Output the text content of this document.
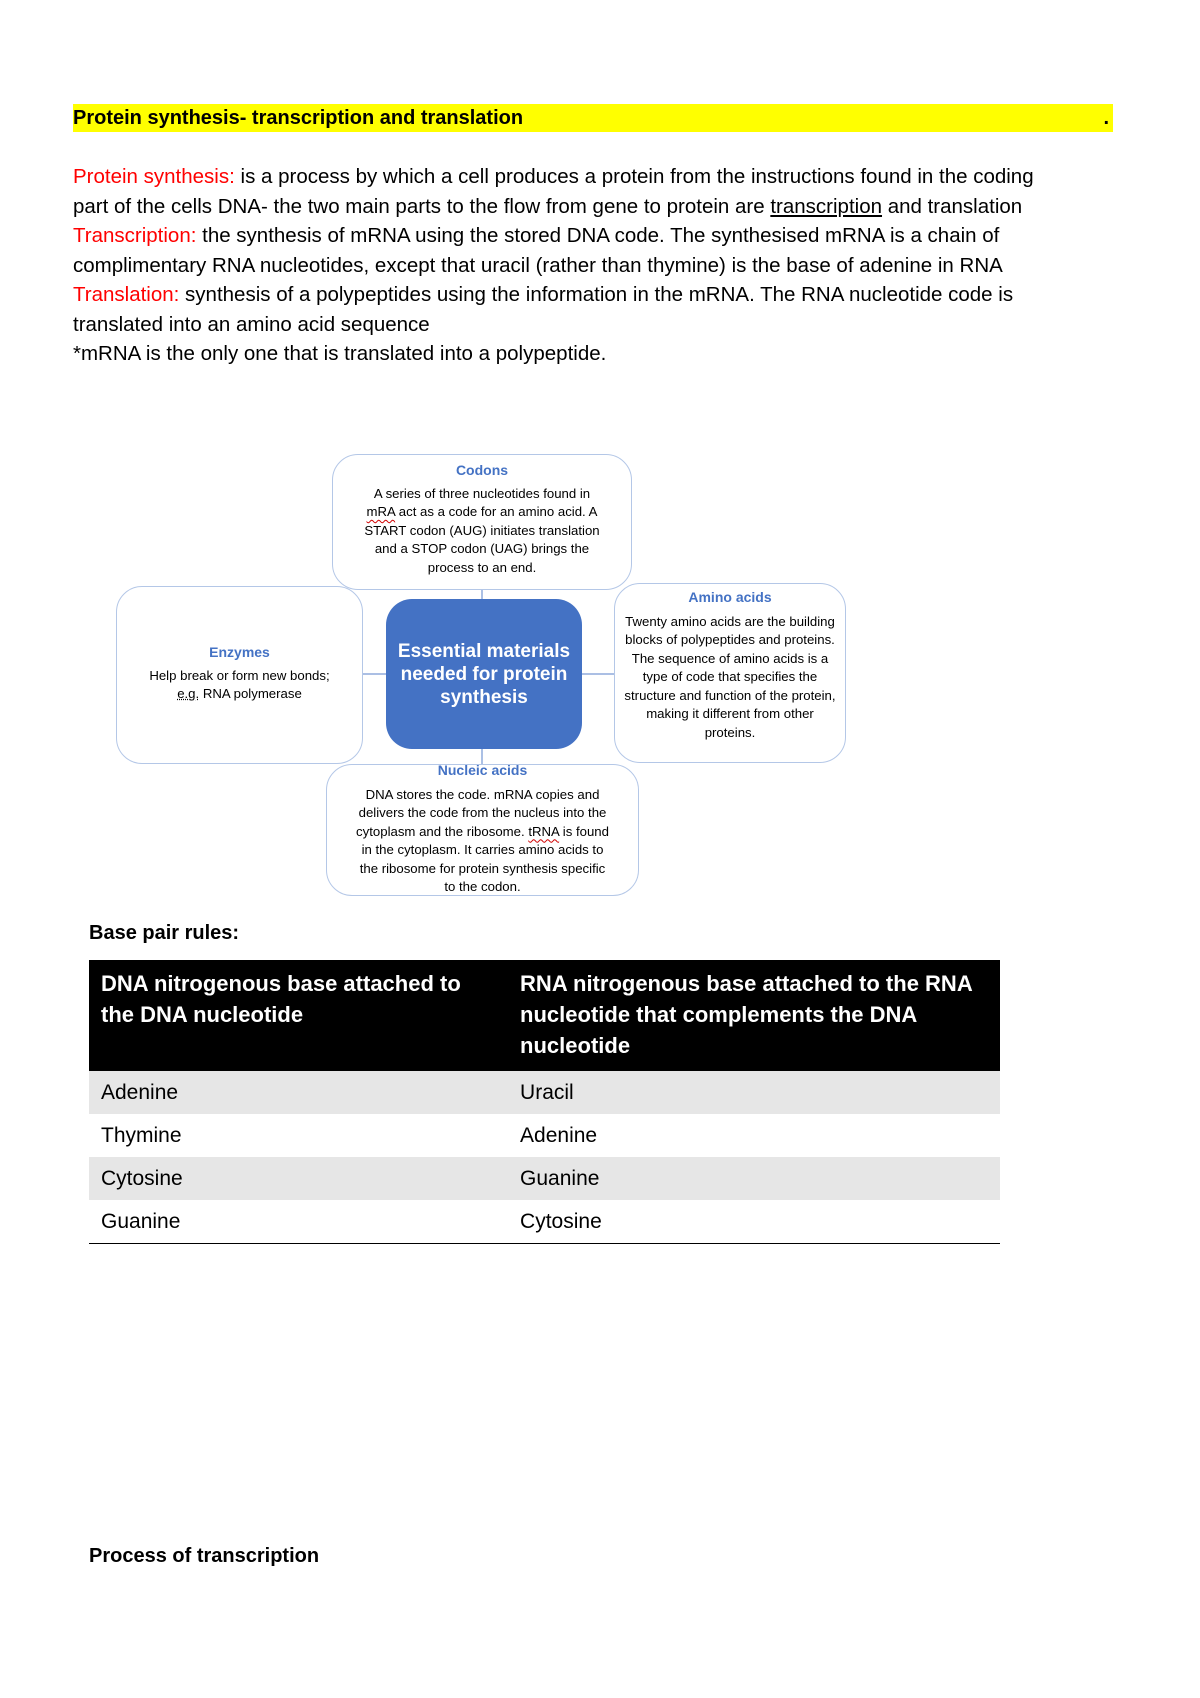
Protein synthesis- transcription and translation	.

Protein synthesis: is a process by which a cell produces a protein from the instructions found in the coding part of the cells DNA- the two main parts to the flow from gene to protein are transcription and translation

Transcription: the synthesis of mRNA using the stored DNA code. The synthesised mRNA is a chain of complimentary RNA nucleotides, except that uracil (rather than thymine) is the base of adenine in RNA

Translation: synthesis of a polypeptides using the information in the mRNA. The RNA nucleotide code is translated into an amino acid sequence

*mRNA is the only one that is translated into a polypeptide.

Codons
A series of three nucleotides found in
mRA act as a code for an amino acid. A
START codon (AUG) initiates translation
and a STOP codon (UAG) brings the
process to an end.
Enzymes
Help break or form new bonds;
e.g. RNA polymerase
Essential materials needed for protein synthesis
Amino acids
Twenty amino acids are the building blocks of polypeptides and proteins. The sequence of amino acids is a type of code that specifies the structure and function of the protein, making it different from other proteins.
Nucleic acids
DNA stores the code. mRNA copies and
delivers the code from the nucleus into the
cytoplasm and the ribosome. tRNA is found
in the cytoplasm. It carries amino acids to
the ribosome for protein synthesis specific
to the codon.
Base pair rules:
DNA nitrogenous base attached to the DNA nucleotide	RNA nitrogenous base attached to the RNA nucleotide that complements the DNA nucleotide
Adenine	Uracil
Thymine	Adenine
Cytosine	Guanine
Guanine	Cytosine
Process of transcription
